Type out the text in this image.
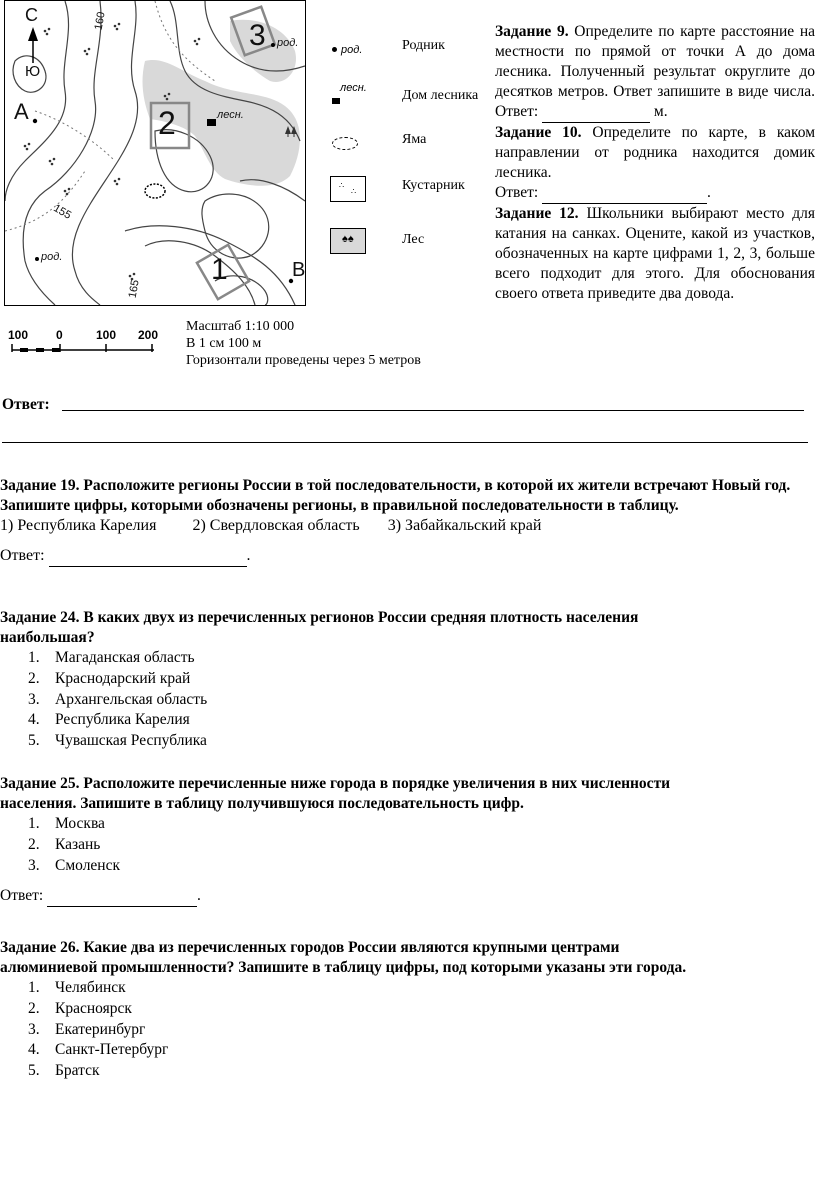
С
Ю
А
В
2
3
1
160
155
165
род.
род.
лесн.
100 0	100 200
Масштаб 1:10 000
В 1 см 100 м
Горизонтали проведены через 5 метров
род.	Родник
лесн.	Дом лесника
Яма
∴
∴	Кустарник
♠♠	Лес

Задание 9. Определите по карте расстояние на местности по прямой от точки А до дома лесника. Полученный результат округлите до десятков метров. Ответ запишите в виде числа. Ответ:	м.

Задание 10. Определите по карте, в каком направлении от родника находится домик лесника.
Ответ:	.

Задание 12. Школьники выбирают место для катания на санках. Оцените, какой из участков, обозначенных на карте цифрами 1, 2, 3, больше всего подходит для этого. Для обоснования своего ответа приведите два довода.

Ответ:
Задание 19. Расположите регионы России в той последовательности, в которой их жители встречают Новый год. Запишите цифры, которыми обозначены регионы, в правильной последовательности в таблицу.
1) Республика Карелия 2) Свердловская область 3) Забайкальский край
Ответ:	.
Задание 24. В каких двух из перечисленных регионов России средняя плотность населения
наибольшая?
1. Магаданская область
2. Краснодарский край
3. Архангельская область
4. Республика Карелия
5. Чувашская Республика
Задание 25. Расположите перечисленные ниже города в порядке увеличения в них численности
населения. Запишите в таблицу получившуюся последовательность цифр.
1. Москва
2. Казань
3. Смоленск
Ответ:	.
Задание 26. Какие два из перечисленных городов России являются крупными центрами
алюминиевой промышленности? Запишите в таблицу цифры, под которыми указаны эти города.
1. Челябинск
2. Красноярск
3. Екатеринбург
4. Санкт-Петербург
5. Братск
